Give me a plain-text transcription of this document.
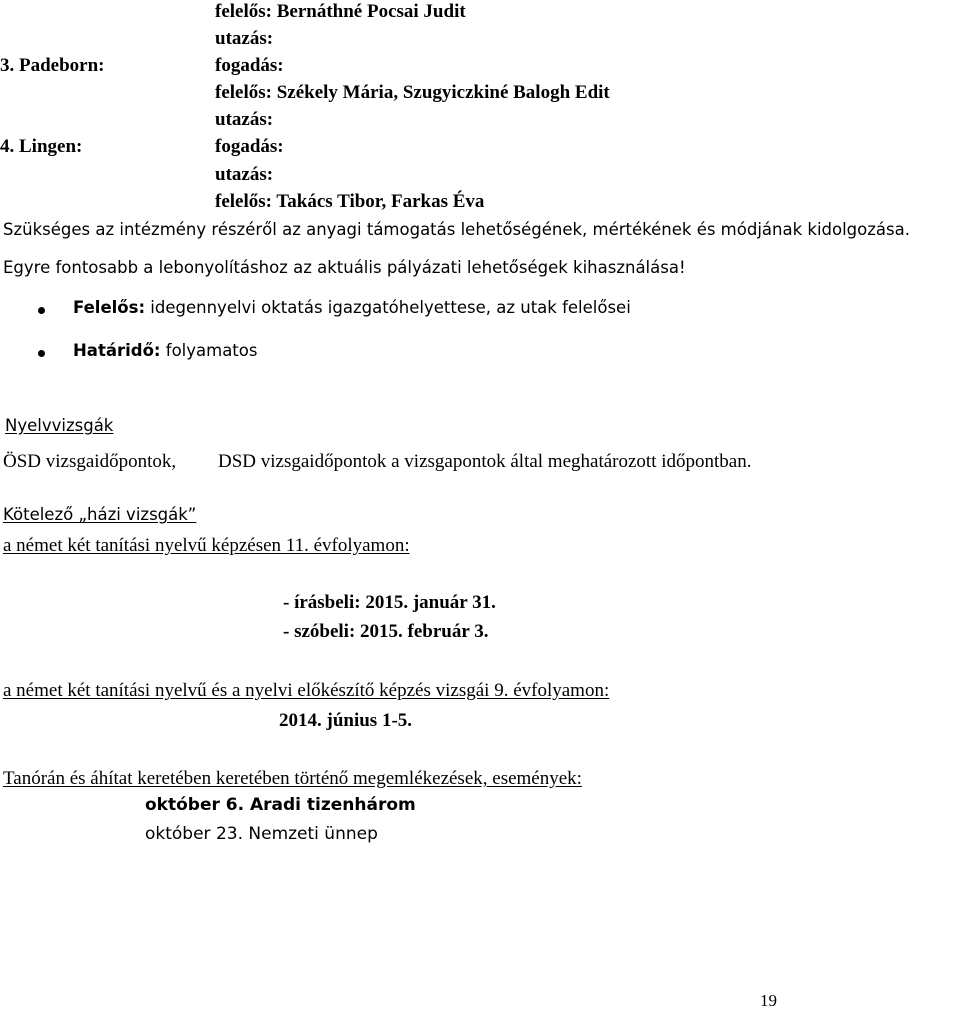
felelős: Bernáthné Pocsai Judit
utazás:
3. Padeborn:	fogadás:
felelős: Székely Mária, Szugyiczkiné Balogh Edit
utazás:
4. Lingen:	fogadás:
utazás:
felelős: Takács Tibor, Farkas Éva
Szükséges az intézmény részéről az anyagi támogatás lehetőségének, mértékének és módjának kidolgozása.
Egyre fontosabb a lebonyolításhoz az aktuális pályázati lehetőségek kihasználása!
Felelős: idegennyelvi oktatás igazgatóhelyettese, az utak felelősei
Határidő: folyamatos
Nyelvvizsgák
ÖSD vizsgaidőpontok, DSD vizsgaidőpontok a vizsgapontok által meghatározott időpontban.
Kötelező „házi vizsgák”
a német két tanítási nyelvű képzésen 11. évfolyamon:
- írásbeli: 2015. január 31.
- szóbeli: 2015. február 3.
a német két tanítási nyelvű és a nyelvi előkészítő képzés vizsgái 9. évfolyamon:
2014. június 1-5.
Tanórán és áhítat keretében keretében történő megemlékezések, események:
október 6. Aradi tizenhárom
október 23. Nemzeti ünnep
19
